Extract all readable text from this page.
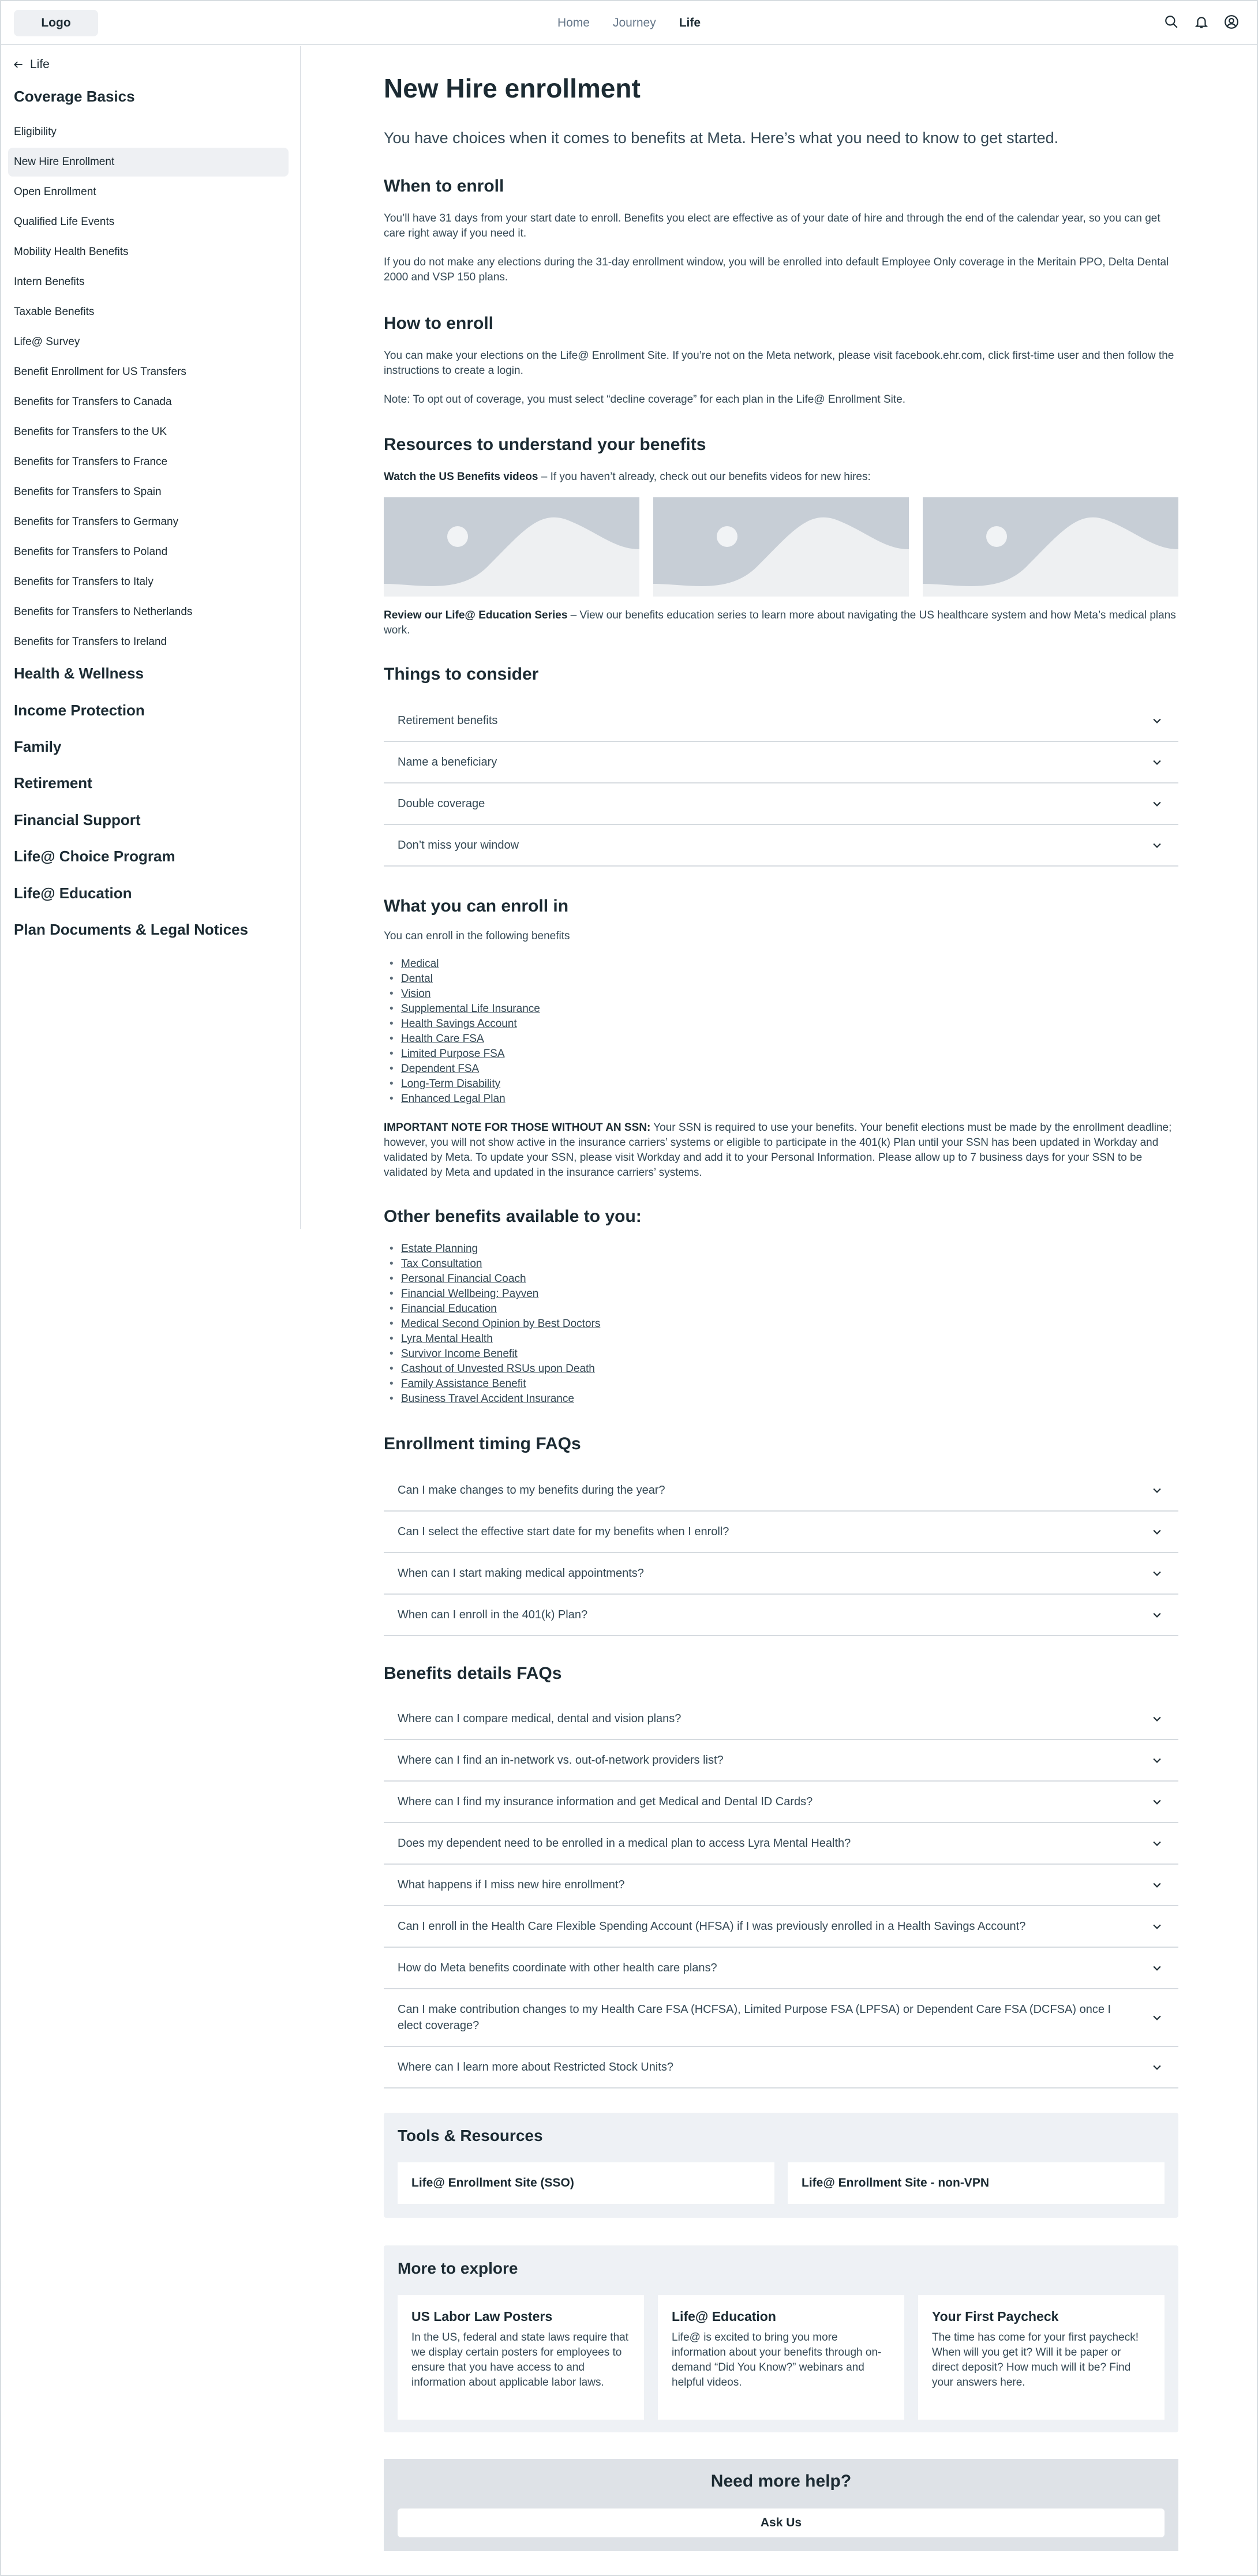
Logo	Home Journey Life
Life
Coverage Basics
Eligibility
New Hire Enrollment
Open Enrollment
Qualified Life Events
Mobility Health Benefits
Intern Benefits
Taxable Benefits
Life@ Survey
Benefit Enrollment for US Transfers
Benefits for Transfers to Canada
Benefits for Transfers to the UK
Benefits for Transfers to France
Benefits for Transfers to Spain
Benefits for Transfers to Germany
Benefits for Transfers to Poland
Benefits for Transfers to Italy
Benefits for Transfers to Netherlands
Benefits for Transfers to Ireland
Health & Wellness
Income Protection
Family
Retirement
Financial Support
Life@ Choice Program
Life@ Education
Plan Documents & Legal Notices
New Hire enrollment
You have choices when it comes to benefits at Meta. Here’s what you need to know to get started.
When to enroll
You’ll have 31 days from your start date to enroll. Benefits you elect are effective as of your date of hire and through the end of the calendar year, so you can get care right away if you need it.
If you do not make any elections during the 31-day enrollment window, you will be enrolled into default Employee Only coverage in the Meritain PPO, Delta Dental 2000 and VSP 150 plans.
How to enroll
You can make your elections on the Life@ Enrollment Site. If you’re not on the Meta network, please visit facebook.ehr.com, click first-time user and then follow the instructions to create a login.
Note: To opt out of coverage, you must select “decline coverage” for each plan in the Life@ Enrollment Site.
Resources to understand your benefits
Watch the US Benefits videos – If you haven’t already, check out our benefits videos for new hires:
Review our Life@ Education Series – View our benefits education series to learn more about navigating the US healthcare system and how Meta’s medical plans work.
Things to consider
Retirement benefits
Name a beneficiary
Double coverage
Don’t miss your window
What you can enroll in
You can enroll in the following benefits
• Medical
• Dental
• Vision
• Supplemental Life Insurance
• Health Savings Account
• Health Care FSA
• Limited Purpose FSA
• Dependent FSA
• Long-Term Disability
• Enhanced Legal Plan
IMPORTANT NOTE FOR THOSE WITHOUT AN SSN: Your SSN is required to use your benefits. Your benefit elections must be made by the enrollment deadline; however, you will not show active in the insurance carriers’ systems or eligible to participate in the 401(k) Plan until your SSN has been updated in Workday and validated by Meta. To update your SSN, please visit Workday and add it to your Personal Information. Please allow up to 7 business days for your SSN to be validated by Meta and updated in the insurance carriers’ systems.
Other benefits available to you:
• Estate Planning
• Tax Consultation
• Personal Financial Coach
• Financial Wellbeing: Payven
• Financial Education
• Medical Second Opinion by Best Doctors
• Lyra Mental Health
• Survivor Income Benefit
• Cashout of Unvested RSUs upon Death
• Family Assistance Benefit
• Business Travel Accident Insurance
Enrollment timing FAQs
Can I make changes to my benefits during the year?
Can I select the effective start date for my benefits when I enroll?
When can I start making medical appointments?
When can I enroll in the 401(k) Plan?
Benefits details FAQs
Where can I compare medical, dental and vision plans?
Where can I find an in-network vs. out-of-network providers list?
Where can I find my insurance information and get Medical and Dental ID Cards?
Does my dependent need to be enrolled in a medical plan to access Lyra Mental Health?
What happens if I miss new hire enrollment?
Can I enroll in the Health Care Flexible Spending Account (HFSA) if I was previously enrolled in a Health Savings Account?
How do Meta benefits coordinate with other health care plans?
Can I make contribution changes to my Health Care FSA (HCFSA), Limited Purpose FSA (LPFSA) or Dependent Care FSA (DCFSA) once I elect coverage?
Where can I learn more about Restricted Stock Units?
Tools & Resources
Life@ Enrollment Site (SSO)	Life@ Enrollment Site - non-VPN
More to explore
US Labor Law Posters
In the US, federal and state laws require that we display certain posters for employees to ensure that you have access to and information about applicable labor laws.
Life@ Education
Life@ is excited to bring you more information about your benefits through on-demand “Did You Know?” webinars and helpful videos.
Your First Paycheck
The time has come for your first paycheck! When will you get it? Will it be paper or direct deposit? How much will it be? Find your answers here.
Need more help?
Ask Us
